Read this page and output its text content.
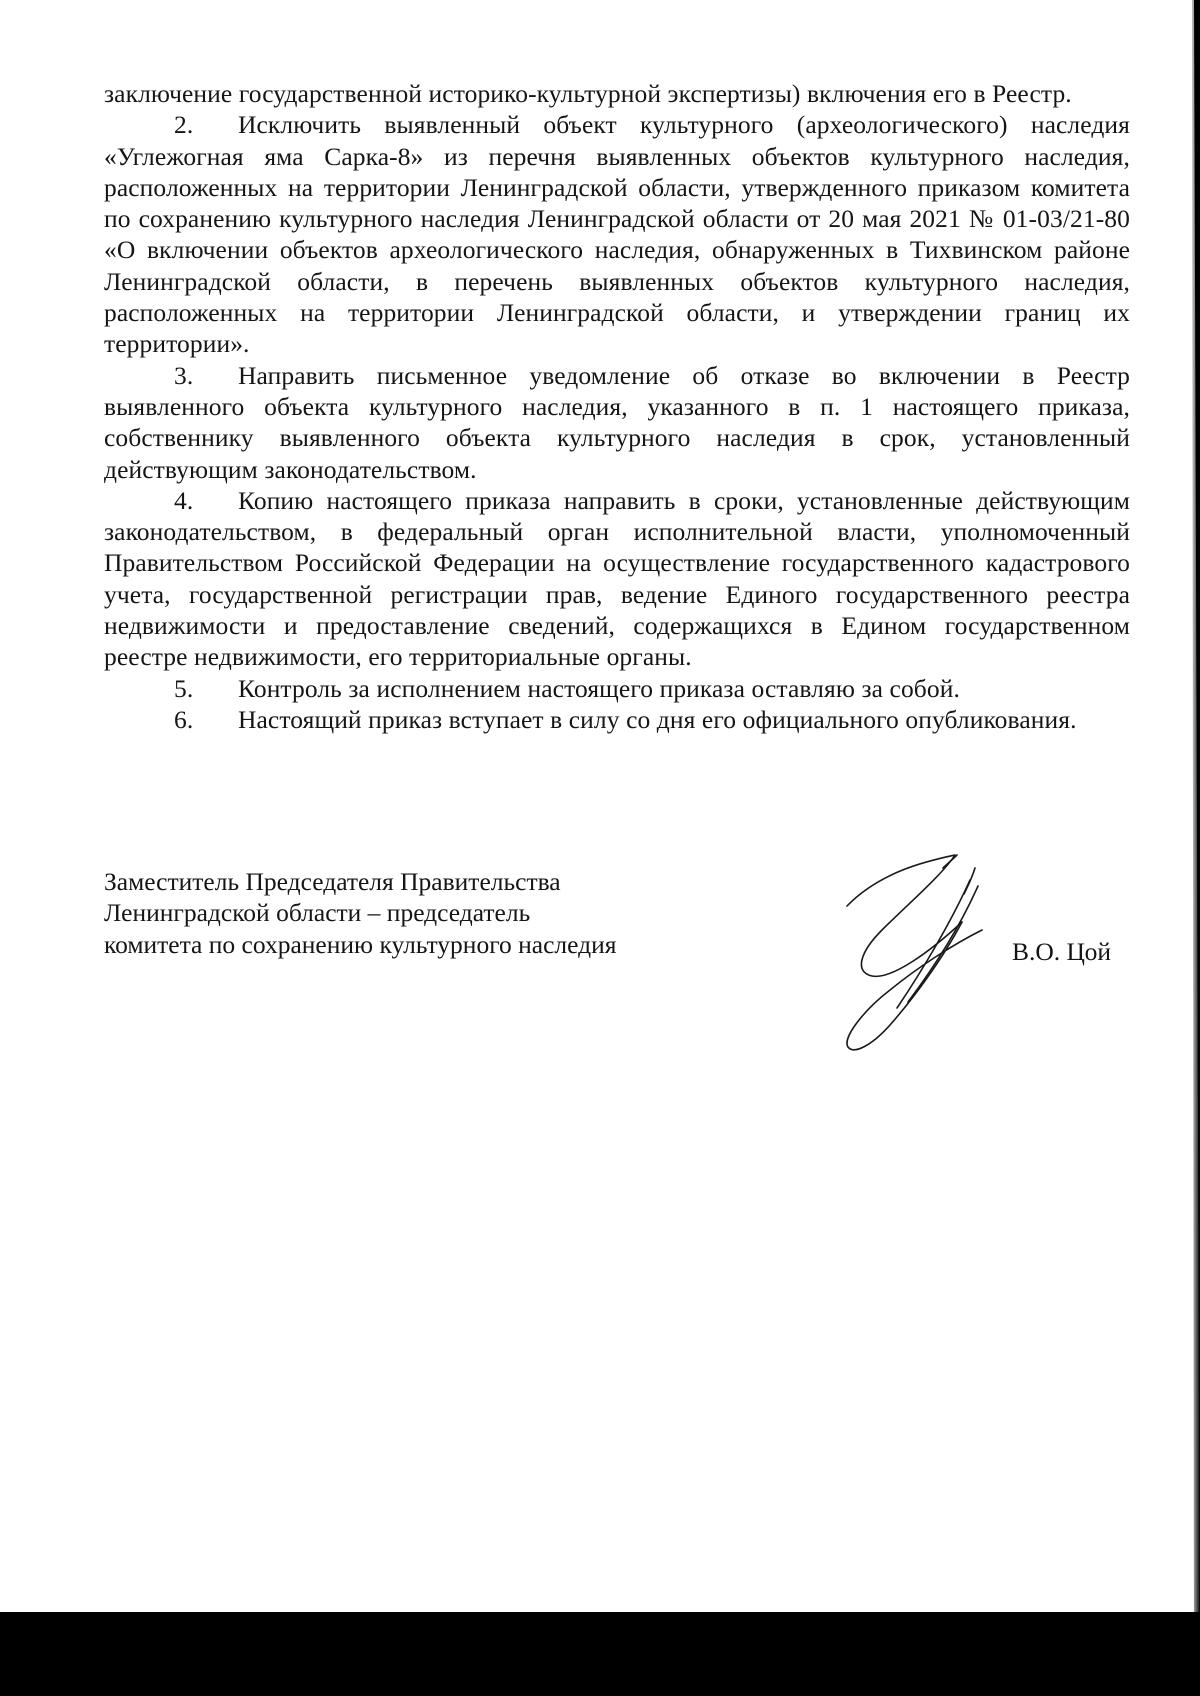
заключение государственной историко-культурной экспертизы) включения его в Реестр.

2. Исключить выявленный объект культурного (археологического) наследия «Углежогная яма Сарка-8» из перечня выявленных объектов культурного наследия, расположенных на территории Ленинградской области, утвержденного приказом комитета по сохранению культурного наследия Ленинградской области от 20 мая 2021 № 01-03/21-80 «О включении объектов археологического наследия, обнаруженных в Тихвинском районе Ленинградской области, в перечень выявленных объектов культурного наследия, расположенных на территории Ленинградской области, и утверждении границ их территории».

3. Направить письменное уведомление об отказе во включении в Реестр выявленного объекта культурного наследия, указанного в п. 1 настоящего приказа, собственнику выявленного объекта культурного наследия в срок, установленный действующим законодательством.

4. Копию настоящего приказа направить в сроки, установленные действующим законодательством, в федеральный орган исполнительной власти, уполномоченный Правительством Российской Федерации на осуществление государственного кадастрового учета, государственной регистрации прав, ведение Единого государственного реестра недвижимости и предоставление сведений, содержащихся в Едином государственном реестре недвижимости, его территориальные органы.

5. Контроль за исполнением настоящего приказа оставляю за собой.

6. Настоящий приказ вступает в силу со дня его официального опубликования.

Заместитель Председателя Правительства
Ленинградской области – председатель
комитета по сохранению культурного наследия	В.О. Цой
